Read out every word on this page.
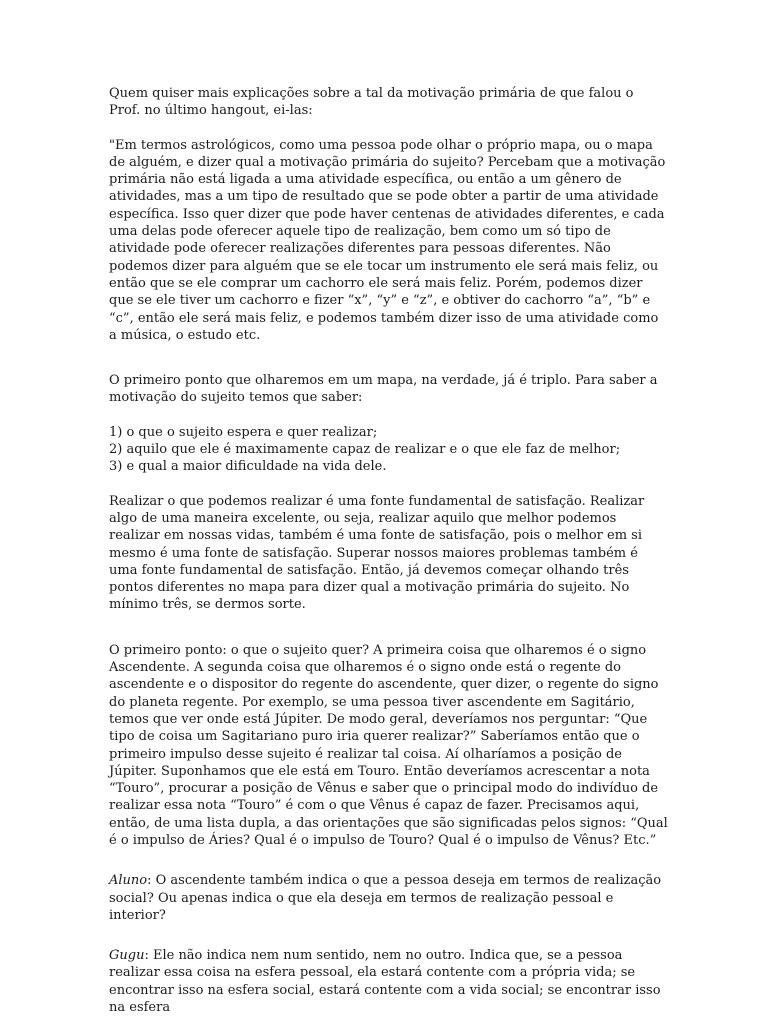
Quem quiser mais explicações sobre a tal da motivação primária de que falou o Prof. no último hangout, ei-las:

"Em termos astrológicos, como uma pessoa pode olhar o próprio mapa, ou o mapa de alguém, e dizer qual a motivação primária do sujeito? Percebam que a motivação primária não está ligada a uma atividade específica, ou então a um gênero de atividades, mas a um tipo de resultado que se pode obter a partir de uma atividade específica. Isso quer dizer que pode haver centenas de atividades diferentes, e cada uma delas pode oferecer aquele tipo de realização, bem como um só tipo de atividade pode oferecer realizações diferentes para pessoas diferentes. Não podemos dizer para alguém que se ele tocar um instrumento ele será mais feliz, ou então que se ele comprar um cachorro ele será mais feliz. Porém, podemos dizer que se ele tiver um cachorro e fizer “x”, “y” e “z”, e obtiver do cachorro “a”, “b” e “c”, então ele será mais feliz, e podemos também dizer isso de uma atividade como a música, o estudo etc.

O primeiro ponto que olharemos em um mapa, na verdade, já é triplo. Para saber a motivação do sujeito temos que saber:

1) o que o sujeito espera e quer realizar;
2) aquilo que ele é maximamente capaz de realizar e o que ele faz de melhor;
3) e qual a maior dificuldade na vida dele.

Realizar o que podemos realizar é uma fonte fundamental de satisfação. Realizar algo de uma maneira excelente, ou seja, realizar aquilo que melhor podemos realizar em nossas vidas, também é uma fonte de satisfação, pois o melhor em si mesmo é uma fonte de satisfação. Superar nossos maiores problemas também é uma fonte fundamental de satisfação. Então, já devemos começar olhando três pontos diferentes no mapa para dizer qual a motivação primária do sujeito. No mínimo três, se dermos sorte.

O primeiro ponto: o que o sujeito quer? A primeira coisa que olharemos é o signo Ascendente. A segunda coisa que olharemos é o signo onde está o regente do ascendente e o dispositor do regente do ascendente, quer dizer, o regente do signo do planeta regente. Por exemplo, se uma pessoa tiver ascendente em Sagitário, temos que ver onde está Júpiter. De modo geral, deveríamos nos perguntar: “Que tipo de coisa um Sagitariano puro iria querer realizar?” Saberíamos então que o primeiro impulso desse sujeito é realizar tal coisa. Aí olharíamos a posição de Júpiter. Suponhamos que ele está em Touro. Então deveríamos acrescentar a nota “Touro”, procurar a posição de Vênus e saber que o principal modo do indivíduo de realizar essa nota “Touro” é com o que Vênus é capaz de fazer. Precisamos aqui, então, de uma lista dupla, a das orientações que são significadas pelos signos: “Qual é o impulso de Áries? Qual é o impulso de Touro? Qual é o impulso de Vênus? Etc.”

Aluno: O ascendente também indica o que a pessoa deseja em termos de realização social? Ou apenas indica o que ela deseja em termos de realização pessoal e interior?

Gugu: Ele não indica nem num sentido, nem no outro. Indica que, se a pessoa realizar essa coisa na esfera pessoal, ela estará contente com a própria vida; se encontrar isso na esfera social, estará contente com a vida social; se encontrar isso na esfera
